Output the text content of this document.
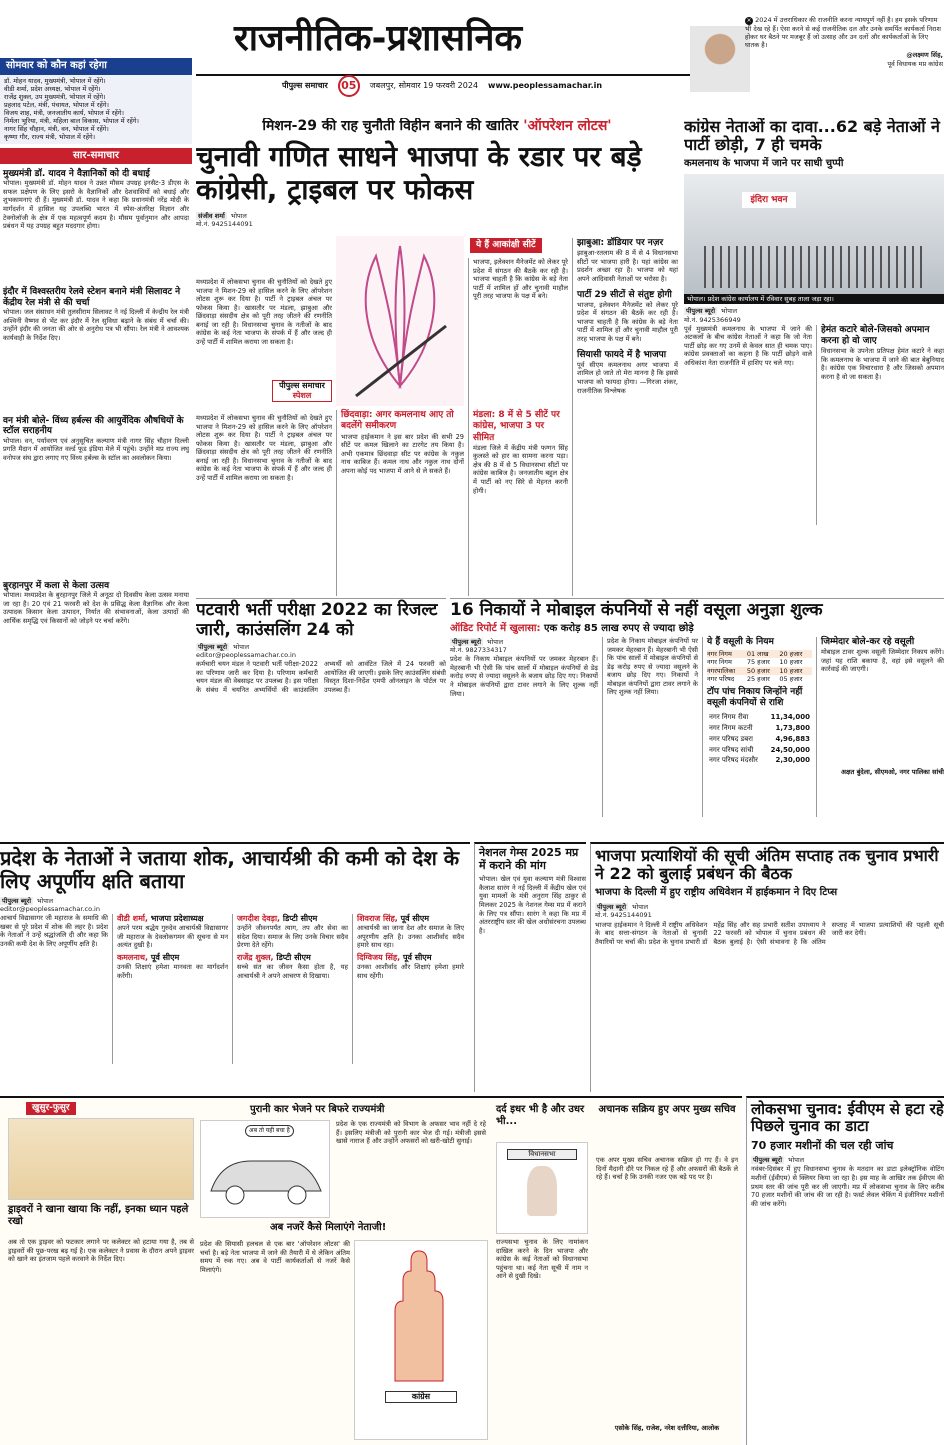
राजनीतिक-प्रशासनिक
पीपुल्स समाचार	05	जबलपुर, सोमवार 19 फरवरी 2024 www.peoplessamachar.in
× 2024 में उत्तराधिकार की राजनीति करना न्यायपूर्ण नहीं है। हम इसके परिणाम भी देख रहे हैं। ऐसा करने से कई राजनीतिक दल और उनके समर्पित कार्यकर्ता निराश होकर घर बैठने पर मजबूर हैं जो उत्साह और उन दलों और कार्यकर्ताओं के लिए घातक है।
@लक्ष्मण सिंह,
पूर्व विधायक मप्र कांग्रेस
सोमवार को कौन कहां रहेगा
डॉ. मोहन यादव, मुख्यमंत्री, भोपाल में रहेंगे।
वीडी शर्मा, प्रदेश अध्यक्ष, भोपाल में रहेंगे।
राजेंद्र शुक्ल, उप मुख्यमंत्री, भोपाल में रहेंगे।
प्रहलाद पटेल, मंत्री, पंचायत, भोपाल में रहेंगे।
विजय शाह, मंत्री, जनजातीय कार्य, भोपाल में रहेंगे।
निर्मला भूरिया, मंत्री, महिला बाल विकास, भोपाल में रहेंगे।
नागर सिंह चौहान, मंत्री, वन, भोपाल में रहेंगे।
कृष्णा गौर, राज्य मंत्री, भोपाल में रहेंगे।
सार-समाचार
मुख्यमंत्री डॉ. यादव ने वैज्ञानिकों को दी बधाई
भोपाल। मुख्यमंत्री डॉ. मोहन यादव ने उन्नत मौसम उपग्रह इनसैट-3 डीएस के सफल प्रक्षेपण के लिए इसरो के वैज्ञानिकों और देशवासियों को बधाई और शुभकामनाएं दी हैं। मुख्यमंत्री डॉ. यादव ने कहा कि प्रधानमंत्री नरेंद्र मोदी के मार्गदर्शन में हासिल यह उपलब्धि भारत में स्पेस-अंतरिक्ष विज्ञान और टेक्नोलॉजी के क्षेत्र में एक महत्वपूर्ण कदम है। मौसम पूर्वानुमान और आपदा प्रबंधन में यह उपग्रह बहुत मददगार होगा।
इंदौर में विश्वस्तरीय रेलवे स्टेशन बनाने मंत्री सिलावट ने केंद्रीय रेल मंत्री से की चर्चा
भोपाल। जल संसाधन मंत्री तुलसीराम सिलावट ने नई दिल्ली में केन्द्रीय रेल मंत्री अश्विनी वैष्णव से भेंट कर इंदौर में रेल सुविधा बढ़ाने के संबंध में चर्चा की। उन्होंने इंदौर की जनता की ओर से अनुरोध पत्र भी सौंपा। रेल मंत्री ने आवश्यक कार्यवाही के निर्देश दिए।
वन मंत्री बोले- विंध्य हर्बल्स की आयुर्वेदिक औषधियों के स्टॉल सराहनीय
भोपाल। वन, पर्यावरण एवं अनुसूचित कल्याण मंत्री नागर सिंह चौहान दिल्ली प्रगति मैदान में आयोजित वर्ल्ड फूड इंडिया मेले में पहुंचे। उन्होंने मप्र राज्य लघु वनोपज संघ द्वारा लगाए गए विंध्य हर्बल्स के स्टॉल का अवलोकन किया।
बुरहानपुर में कला से केला उत्सव
भोपाल। मध्यप्रदेश के बुरहानपुर जिले में अनूठा दो दिवसीय केला उत्सव मनाया जा रहा है। 20 एवं 21 फरवरी को देश के प्रसिद्ध केला वैज्ञानिक और केला उत्पादक किसान केला उत्पादन, निर्यात की संभावनाओं, केला उत्पादों की आर्थिक समृद्धि एवं किसानों को जोड़ने पर चर्चा करेंगे।
मिशन-29 की राह चुनौती विहीन बनाने की खातिर 'ऑपरेशन लोटस'
चुनावी गणित साधने भाजपा के रडार पर बड़े कांग्रेसी, ट्राइबल पर फोकस
संजीव शर्मा भोपाल
मो.नं. 9425144091
ये हैं आकांक्षी सीटें
मध्यप्रदेश में लोकसभा चुनाव की चुनौतियों को देखते हुए भाजपा ने मिशन-29 को हासिल करने के लिए ऑपरेशन लोटस शुरू कर दिया है। पार्टी ने ट्राइबल अंचल पर फोकस किया है। खासतौर पर मंडला, झाबुआ और छिंदवाड़ा संसदीय क्षेत्र को पूरी तरह जीतने की रणनीति बनाई जा रही है। विधानसभा चुनाव के नतीजों के बाद कांग्रेस के कई नेता भाजपा के संपर्क में हैं और जल्द ही उन्हें पार्टी में शामिल कराया जा सकता है।
पीपुल्स समाचार
स्पेशल
मध्यप्रदेश में लोकसभा चुनाव की चुनौतियों को देखते हुए भाजपा ने मिशन-29 को हासिल करने के लिए ऑपरेशन लोटस शुरू कर दिया है। पार्टी ने ट्राइबल अंचल पर फोकस किया है। खासतौर पर मंडला, झाबुआ और छिंदवाड़ा संसदीय क्षेत्र को पूरी तरह जीतने की रणनीति बनाई जा रही है। विधानसभा चुनाव के नतीजों के बाद कांग्रेस के कई नेता भाजपा के संपर्क में हैं और जल्द ही उन्हें पार्टी में शामिल कराया जा सकता है।
छिंदवाड़ा: अगर कमलनाथ आए तो बदलेंगे समीकरण
भाजपा हाईकमान ने इस बार प्रदेश की सभी 29 सीटें पर कमल खिलाने का टारगेट तय किया है। अभी एकमात्र छिंदवाड़ा सीट पर कांग्रेस के नकुल नाथ काबिज हैं। कमल नाथ और नकुल नाथ दोनों अपना कोई पद भाजपा में आने से ले सकते हैं।
भाजपा, इलेक्शन मैनेजमेंट को लेकर पूरे प्रदेश में संगठन की बैठकें कर रही है। भाजपा चाहती है कि कांग्रेस के बड़े नेता पार्टी में शामिल हों और चुनावी माहौल पूरी तरह भाजपा के पक्ष में बने।
मंडला: 8 में से 5 सीटें पर कांग्रेस, भाजपा 3 पर सीमित
मंडला जिले में केंद्रीय मंत्री फग्गन सिंह कुलस्ते को हार का सामना करना पड़ा। क्षेत्र की 8 में से 5 विधानसभा सीटों पर कांग्रेस काबिज है। जनजातीय बहुल क्षेत्र में पार्टी को नए सिरे से मेहनत करनी होगी।
झाबुआ: डॉडियार पर नज़र
झाबुआ-रतलाम की 8 में से 4 विधानसभा सीटों पर भाजपा हारी है। यहां कांग्रेस का प्रदर्शन अच्छा रहा है। भाजपा को यहां अपने आदिवासी नेताओं पर भरोसा है।
पार्टी 29 सीटों से संतुष्ट होगी
भाजपा, इलेक्शन मैनेजमेंट को लेकर पूरे प्रदेश में संगठन की बैठकें कर रही है। भाजपा चाहती है कि कांग्रेस के बड़े नेता पार्टी में शामिल हों और चुनावी माहौल पूरी तरह भाजपा के पक्ष में बने।
सियासी फायदे में है भाजपा
पूर्व सीएम कमलनाथ अगर भाजपा में शामिल हो जाते तो मेरा मानना है कि इससे भाजपा को फायदा होगा। —गिरजा शंकर, राजनीतिक विश्लेषक
कांग्रेस नेताओं का दावा...62 बड़े नेताओं ने पार्टी छोड़ी, 7 ही चमके
कमलनाथ के भाजपा में जाने पर साधी चुप्पी
इंदिरा भवन
भोपाल। प्रदेश कांग्रेस कार्यालय में रविवार सुबह ताला जड़ा रहा।
पीपुल्स ब्यूरो भोपाल
मो.नं. 9425366949
पूर्व मुख्यमंत्री कमलनाथ के भाजपा में जाने की अटकलों के बीच कांग्रेस नेताओं ने कहा कि जो नेता पार्टी छोड़ कर गए उनमें से केवल सात ही चमक पाए। कांग्रेस प्रवक्ताओं का कहना है कि पार्टी छोड़ने वाले अधिकांश नेता राजनीति में हाशिए पर चले गए।
हेमंत कटारे बोले-जिसको अपमान करना हो वो जाए
विधानसभा के उपनेता प्रतिपक्ष हेमंत कटारे ने कहा कि कमलनाथ के भाजपा में जाने की बात बेबुनियाद है। कांग्रेस एक विचारधारा है और जिसको अपमान करना है वो जा सकता है।
पटवारी भर्ती परीक्षा 2022 का रिजल्ट जारी, काउंसलिंग 24 को
पीपुल्स ब्यूरो भोपाल
editor@peoplessamachar.co.in
कर्मचारी चयन मंडल ने पटवारी भर्ती परीक्षा-2022 का परिणाम जारी कर दिया है। परिणाम कर्मचारी चयन मंडल की वेबसाइट पर उपलब्ध है। इस परीक्षा के संबंध में चयनित अभ्यर्थियों की काउंसलिंग अभ्यर्थी को आवंटित जिले में 24 फरवरी को आयोजित की जाएगी। इसके लिए काउंसलिंग संबंधी विस्तृत दिशा-निर्देश एमपी ऑनलाइन के पोर्टल पर उपलब्ध हैं।
16 निकायों ने मोबाइल कंपनियों से नहीं वसूला अनुज्ञा शुल्क
ऑडिट रिपोर्ट में खुलासा: एक करोड़ 85 लाख रुपए से ज्यादा छोड़े
पीपुल्स ब्यूरो भोपाल
मो.नं. 9827334317
प्रदेश के निकाय मोबाइल कंपनियों पर जमकर मेहरबान हैं। मेहरबानी भी ऐसी कि पांच सालों में मोबाइल कंपनियों से डेढ़ करोड़ रुपए से ज्यादा वसूलने के बजाय छोड़ दिए गए। निकायों ने मोबाइल कंपनियों द्वारा टावर लगाने के लिए शुल्क नहीं लिया।
प्रदेश के निकाय मोबाइल कंपनियों पर जमकर मेहरबान हैं। मेहरबानी भी ऐसी कि पांच सालों में मोबाइल कंपनियों से डेढ़ करोड़ रुपए से ज्यादा वसूलने के बजाय छोड़ दिए गए। निकायों ने मोबाइल कंपनियों द्वारा टावर लगाने के लिए शुल्क नहीं लिया।
ये हैं वसूली के नियम
नगर निगम	01 लाख	20 हजार
नगर निगम	75 हजार	10 हजार
नगरपालिका	50 हजार	10 हजार
नगर परिषद	25 हजार	05 हजार
टॉप पांच निकाय जिन्होंने नहीं वसूली कंपनियों से राशि
नगर निगम रीवा	11,34,000
नगर निगम कटनी	1,73,800
नगर परिषद डबरा	4,96,883
नगर परिषद सांची	24,50,000
नगर परिषद मंदसौर	2,30,000
जिम्मेदार बोले-कर रहे वसूली
मोबाइल टावर शुल्क वसूली जिम्मेदार निकाय करेंगे। जहां यह राशि बकाया है, वहां इसे वसूलने की कार्रवाई की जाएगी।
अक्षत बुंदेला, सीएमओ, नगर पालिका सांची
प्रदेश के नेताओं ने जताया शोक, आचार्यश्री की कमी को देश के लिए अपूर्णीय क्षति बताया
पीपुल्स ब्यूरो भोपाल
editor@peoplessamachar.co.in
आचार्य विद्यासागर जी महाराज के समाधि की खबर से पूरे प्रदेश में शोक की लहर है। प्रदेश के नेताओं ने उन्हें श्रद्धांजलि दी और कहा कि उनकी कमी देश के लिए अपूर्णीय क्षति है।
वीडी शर्मा, भाजपा प्रदेशाध्यक्ष
अपने परम श्रद्धेय गुरुदेव आचार्यश्री विद्यासागर जी महाराज के देवलोकगमन की सूचना से मन अत्यंत दुखी है।
कमलनाथ, पूर्व सीएम
उनकी शिक्षाएं हमेशा मानवता का मार्गदर्शन करेंगी।
जगदीश देवड़ा, डिप्टी सीएम
उन्होंने जीवनपर्यंत त्याग, तप और सेवा का संदेश दिया। समाज के लिए उनके विचार सदैव प्रेरणा देते रहेंगे।
राजेंद्र शुक्ल, डिप्टी सीएम
सच्चे संत का जीवन कैसा होता है, यह आचार्यश्री ने अपने आचरण से दिखाया।
शिवराज सिंह, पूर्व सीएम
आचार्यश्री का जाना देश और समाज के लिए अपूरणीय क्षति है। उनका आशीर्वाद सदैव हमारे साथ रहा।
दिग्विजय सिंह, पूर्व सीएम
उनका आशीर्वाद और शिक्षाएं हमेशा हमारे साथ रहेंगी।
नेशनल गेम्स 2025 मप्र में कराने की मांग
भोपाल। खेल एवं युवा कल्याण मंत्री विश्वास कैलाश सारंग ने नई दिल्ली में केंद्रीय खेल एवं युवा मामलों के मंत्री अनुराग सिंह ठाकुर से मिलकर 2025 के नेशनल गेम्स मप्र में कराने के लिए पत्र सौंपा। सारंग ने कहा कि मप्र में अंतरराष्ट्रीय स्तर की खेल अधोसंरचना उपलब्ध है।
भाजपा प्रत्याशियों की सूची अंतिम सप्ताह तक चुनाव प्रभारी ने 22 को बुलाई प्रबंधन की बैठक
भाजपा के दिल्ली में हुए राष्ट्रीय अधिवेशन में हाईकमान ने दिए टिप्स
पीपुल्स ब्यूरो भोपाल
मो.नं. 9425144091
भाजपा हाईकमान ने दिल्ली में राष्ट्रीय अधिवेशन के बाद सत्ता-संगठन के नेताओं से चुनावी तैयारियों पर चर्चा की। प्रदेश के चुनाव प्रभारी डॉ महेंद्र सिंह और सह प्रभारी सतीश उपाध्याय ने 22 फरवरी को भोपाल में चुनाव प्रबंधन की बैठक बुलाई है। ऐसी संभावना है कि अंतिम सप्ताह में भाजपा प्रत्याशियों की पहली सूची जारी कर देगी।
खुसुर-फुसुर
ड्राइवरों ने खाना खाया कि नहीं, इनका ध्यान पहले रखो
अब तो एक ड्राइवर को फटकार लगाने पर कलेक्टर को हटाया गया है, तब से ड्राइवरों की पूछ-परख बढ़ गई है। एक कलेक्टर ने प्रवास के दौरान अपने ड्राइवर को खाने का इंतजाम पहले करवाने के निर्देश दिए।
पुरानी कार भेजने पर बिफरे राज्यमंत्री
अब तो यही बचा है
प्रदेश के एक राज्यमंत्री को विभाग के अफसर भाव नहीं दे रहे हैं। इसलिए मंत्रीजी को पुरानी कार भेज दी गई। मंत्रीजी इससे खासे नाराज हैं और उन्होंने अफसरों को खरी-खोटी सुनाई।
अब नजरें कैसे मिलाएंगे नेताजी!
प्रदेश की सियासी हलचल से एक बार 'ऑपरेशन लोटस' की चर्चा है। बड़े नेता भाजपा में जाने की तैयारी में थे लेकिन अंतिम समय में रुक गए। अब वे पार्टी कार्यकर्ताओं से नजरें कैसे मिलाएंगे।
कांग्रेस
दर्द इधर भी है और उधर भी...
विधानसभा
राज्यसभा चुनाव के लिए नामांकन दाखिल करने के दिन भाजपा और कांग्रेस के कई नेताओं को विधानसभा पहुंचना था। कई नेता सूची में नाम न आने से दुखी दिखे।
अचानक सक्रिय हुए अपर मुख्य सचिव
एक अपर मुख्य सचिव अचानक सक्रिय हो गए हैं। वे इन दिनों मैदानी दौरे पर निकल रहे हैं और अफसरों की बैठकें ले रहे हैं। चर्चा है कि उनकी नजर एक बड़े पद पर है।
एसोके सिंह, राजेश, नरेश दत्तीरिया, आलोक
लोकसभा चुनाव: ईवीएम से हटा रहे पिछले चुनाव का डाटा
70 हजार मशीनों की चल रही जांच
पीपुल्स ब्यूरो भोपाल
नवंबर-दिसंबर में हुए विधानसभा चुनाव के मतदान का डाटा इलेक्ट्रॉनिक वोटिंग मशीनों (ईवीएम) से क्लियर किया जा रहा है। इस माह के आखिर तक ईवीएम की प्रथम स्तर की जांच पूरी कर ली जाएगी। मप्र में लोकसभा चुनाव के लिए करीब 70 हजार मशीनों की जांच की जा रही है। फर्स्ट लेवल चेकिंग में इंजीनियर मशीनों की जांच करेंगे।
